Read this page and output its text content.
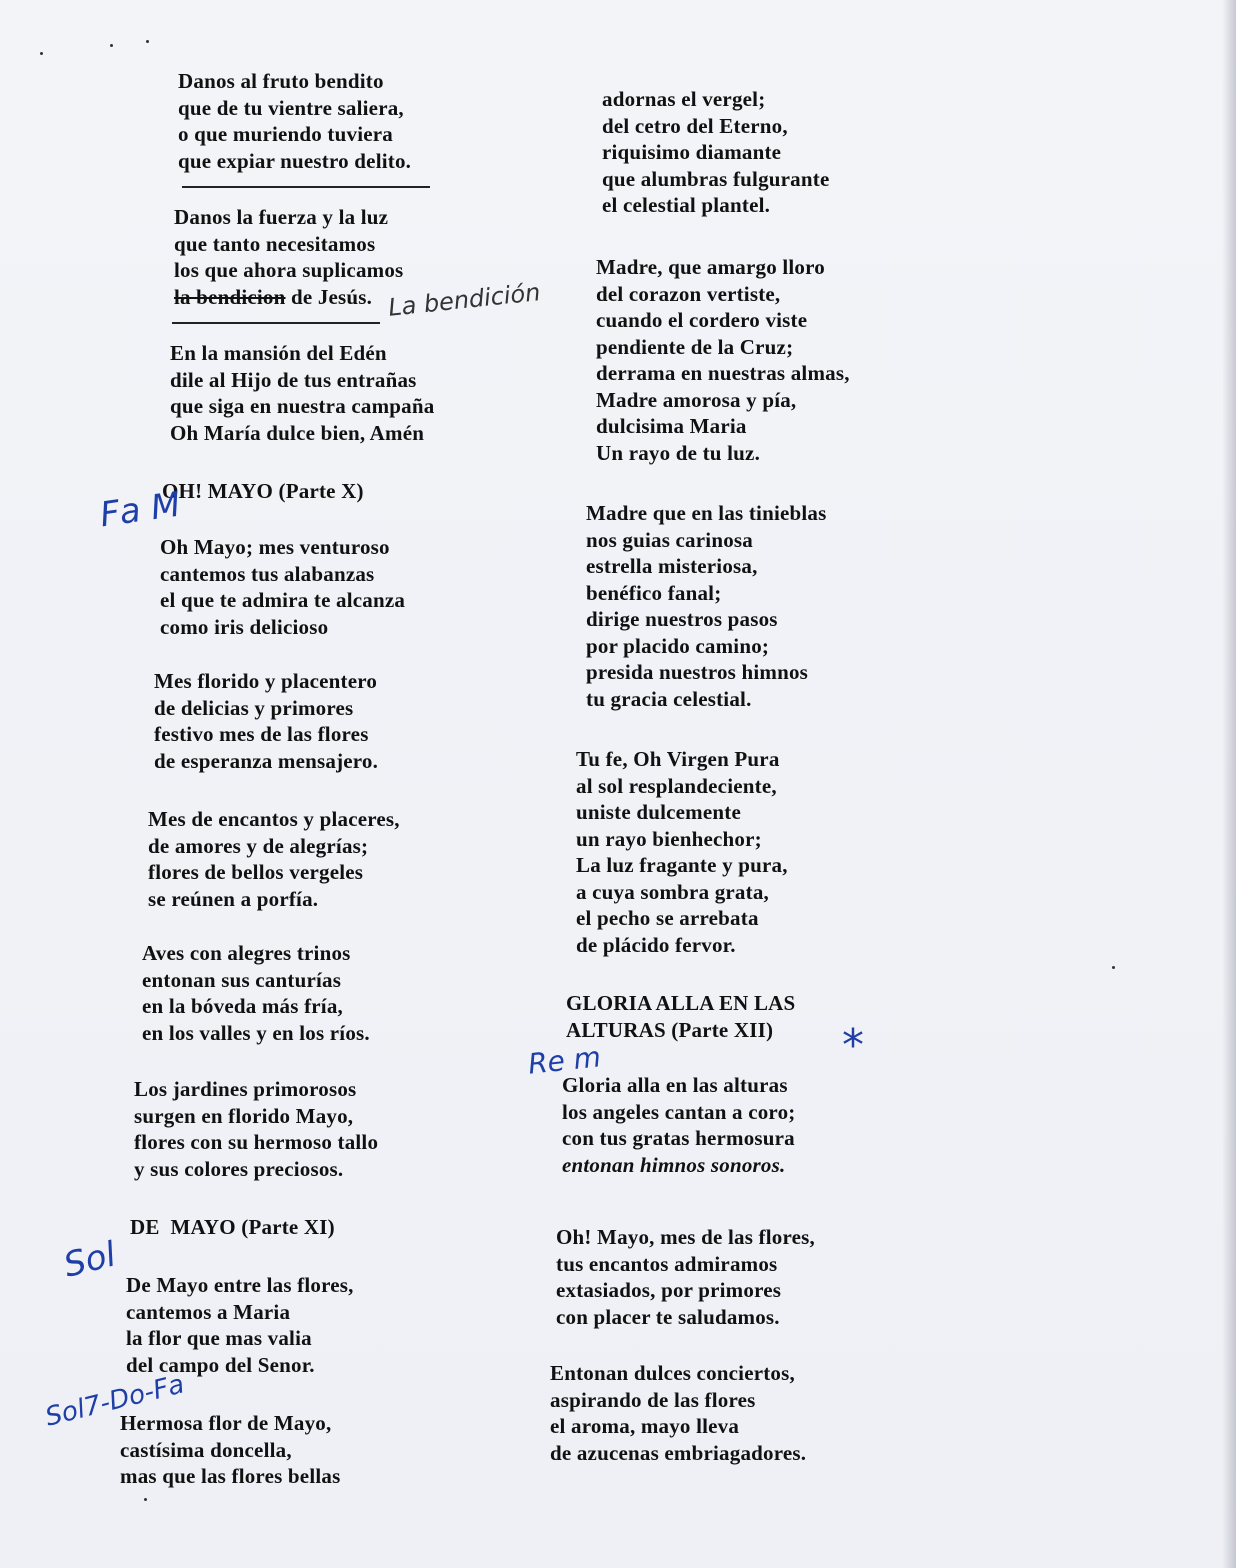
Danos al fruto bendito
que de tu vientre saliera,
o que muriendo tuviera
que expiar nuestro delito.
Danos la fuerza y la luz
que tanto necesitamos
los que ahora suplicamos
la bendicion de Jesús. La bendición
En la mansión del Edén
dile al Hijo de tus entrañas
que siga en nuestra campaña
Oh María dulce bien, Amén
OH! MAYO (Parte X)
Fa M
Oh Mayo; mes venturoso
cantemos tus alabanzas
el que te admira te alcanza
como iris delicioso
Mes florido y placentero
de delicias y primores
festivo mes de las flores
de esperanza mensajero.
Mes de encantos y placeres,
de amores y de alegrías;
flores de bellos vergeles
se reúnen a porfía.
Aves con alegres trinos
entonan sus canturías
en la bóveda más fría,
en los valles y en los ríos.
Los jardines primorosos
surgen en florido Mayo,
flores con su hermoso tallo
y sus colores preciosos.
DE  MAYO (Parte XI)
Sol De Mayo entre las flores,
cantemos a Maria
la flor que mas valia
del campo del Senor.
Sol7-Do-Fa
Hermosa flor de Mayo,
castísima doncella,
mas que las flores bellas
adornas el vergel;
del cetro del Eterno,
riquisimo diamante
que alumbras fulgurante
el celestial plantel.
Madre, que amargo lloro
del corazon vertiste,
cuando el cordero viste
pendiente de la Cruz;
derrama en nuestras almas,
Madre amorosa y pía,
dulcisima Maria
Un rayo de tu luz.
Madre que en las tinieblas
nos guias carinosa
estrella misteriosa,
benéfico fanal;
dirige nuestros pasos
por placido camino;
presida nuestros himnos
tu gracia celestial.
Tu fe, Oh Virgen Pura
al sol resplandeciente,
uniste dulcemente
un rayo bienhechor;
La luz fragante y pura,
a cuya sombra grata,
el pecho se arrebata
de plácido fervor.
GLORIA ALLA EN LAS
ALTURAS (Parte XII)	*
Re m
Gloria alla en las alturas
los angeles cantan a coro;
con tus gratas hermosura
entonan himnos sonoros.
Oh! Mayo, mes de las flores,
tus encantos admiramos
extasiados, por primores
con placer te saludamos.
Entonan dulces conciertos,
aspirando de las flores
el aroma, mayo lleva
de azucenas embriagadores.
